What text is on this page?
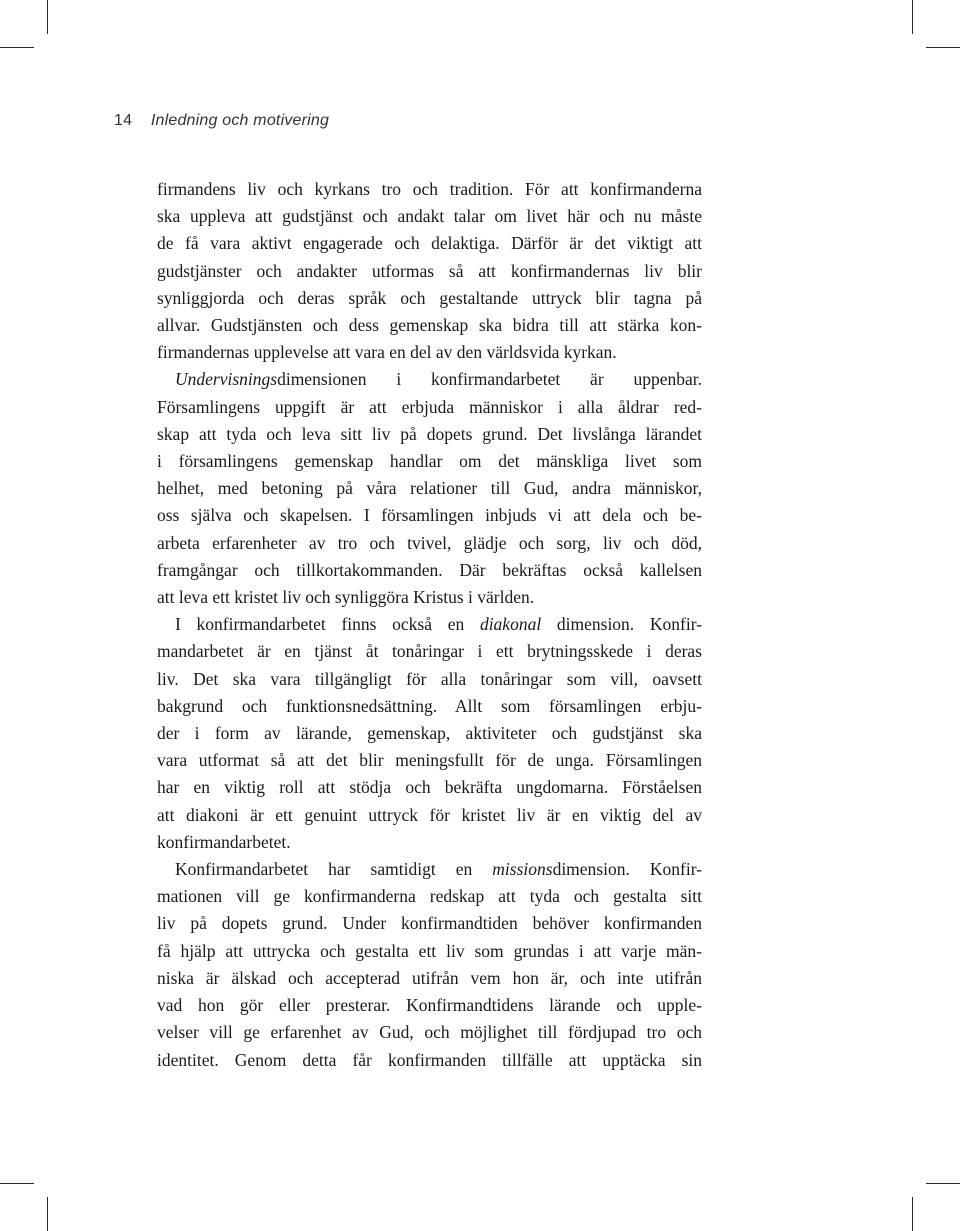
14 Inledning och motivering
firmandens liv och kyrkans tro och tradition. För att konfirmanderna
ska uppleva att gudstjänst och andakt talar om livet här och nu måste
de få vara aktivt engagerade och delaktiga. Därför är det viktigt att
gudstjänster och andakter utformas så att konfirmandernas liv blir
synliggjorda och deras språk och gestaltande uttryck blir tagna på
allvar. Gudstjänsten och dess gemenskap ska bidra till att stärka kon-
firmandernas upplevelse att vara en del av den världsvida kyrkan.
Undervisningsdimensionen i konfirmandarbetet är uppenbar.
Församlingens uppgift är att erbjuda människor i alla åldrar red-
skap att tyda och leva sitt liv på dopets grund. Det livslånga lärandet
i församlingens gemenskap handlar om det mänskliga livet som
helhet, med betoning på våra relationer till Gud, andra människor,
oss själva och skapelsen. I församlingen inbjuds vi att dela och be-
arbeta erfarenheter av tro och tvivel, glädje och sorg, liv och död,
framgångar och tillkortakommanden. Där bekräftas också kallelsen
att leva ett kristet liv och synliggöra Kristus i världen.
I konfirmandarbetet finns också en diakonal dimension. Konfir-
mandarbetet är en tjänst åt tonåringar i ett brytningsskede i deras
liv. Det ska vara tillgängligt för alla tonåringar som vill, oavsett
bakgrund och funktionsnedsättning. Allt som församlingen erbju-
der i form av lärande, gemenskap, aktiviteter och gudstjänst ska
vara utformat så att det blir meningsfullt för de unga. Församlingen
har en viktig roll att stödja och bekräfta ungdomarna. Förståelsen
att diakoni är ett genuint uttryck för kristet liv är en viktig del av
konfirmandarbetet.
Konfirmandarbetet har samtidigt en missionsdimension. Konfir-
mationen vill ge konfirmanderna redskap att tyda och gestalta sitt
liv på dopets grund. Under konfirmandtiden behöver konfirmanden
få hjälp att uttrycka och gestalta ett liv som grundas i att varje män-
niska är älskad och accepterad utifrån vem hon är, och inte utifrån
vad hon gör eller presterar. Konfirmandtidens lärande och upple-
velser vill ge erfarenhet av Gud, och möjlighet till fördjupad tro och
identitet. Genom detta får konfirmanden tillfälle att upptäcka sin
